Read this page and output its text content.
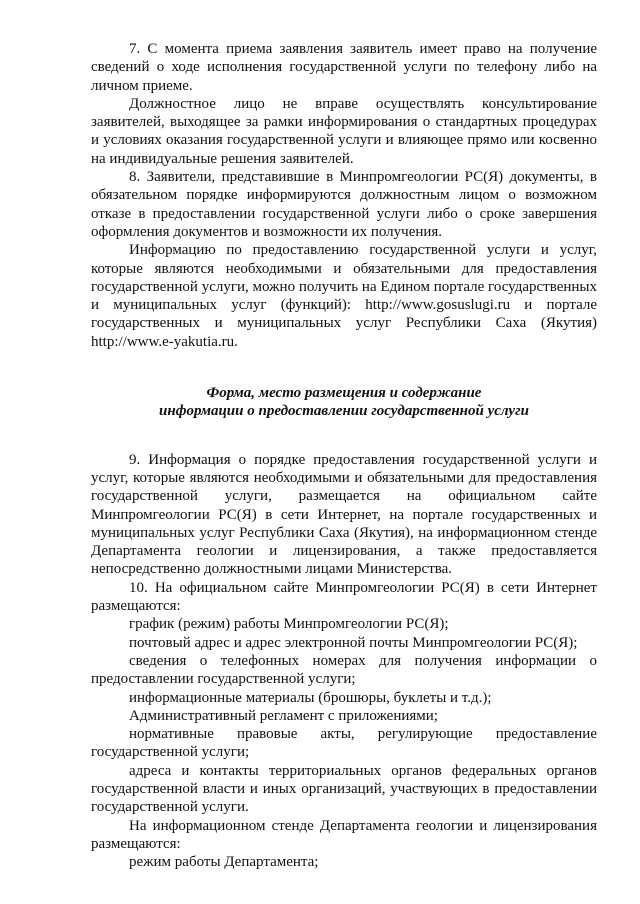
7. С момента приема заявления заявитель имеет право на получение сведений о ходе исполнения государственной услуги по телефону либо на личном приеме.

Должностное лицо не вправе осуществлять консультирование заявителей, выходящее за рамки информирования о стандартных процедурах и условиях оказания государственной услуги и влияющее прямо или косвенно на индивидуальные решения заявителей.

8. Заявители, представившие в Минпромгеологии РС(Я) документы, в обязательном порядке информируются должностным лицом о возможном отказе в предоставлении государственной услуги либо о сроке завершения оформления документов и возможности их получения.

Информацию по предоставлению государственной услуги и услуг, которые являются необходимыми и обязательными для предоставления государственной услуги, можно получить на Едином портале государственных и муниципальных услуг (функций): http://www.gosuslugi.ru и портале государственных и муниципальных услуг Республики Саха (Якутия) http://www.e-yakutia.ru.

Форма, место размещения и содержание
информации о предоставлении государственной услуги

9. Информация о порядке предоставления государственной услуги и услуг, которые являются необходимыми и обязательными для предоставления государственной услуги, размещается на официальном сайте Минпромгеологии РС(Я) в сети Интернет, на портале государственных и муниципальных услуг Республики Саха (Якутия), на информационном стенде Департамента геологии и лицензирования, а также предоставляется непосредственно должностными лицами Министерства.

10. На официальном сайте Минпромгеологии РС(Я) в сети Интернет размещаются:

график (режим) работы Минпромгеологии РС(Я);

почтовый адрес и адрес электронной почты Минпромгеологии РС(Я);

сведения о телефонных номерах для получения информации о предоставлении государственной услуги;

информационные материалы (брошюры, буклеты и т.д.);

Административный регламент с приложениями;

нормативные правовые акты, регулирующие предоставление государственной услуги;

адреса и контакты территориальных органов федеральных органов государственной власти и иных организаций, участвующих в предоставлении государственной услуги.

На информационном стенде Департамента геологии и лицензирования размещаются:

режим работы Департамента;
